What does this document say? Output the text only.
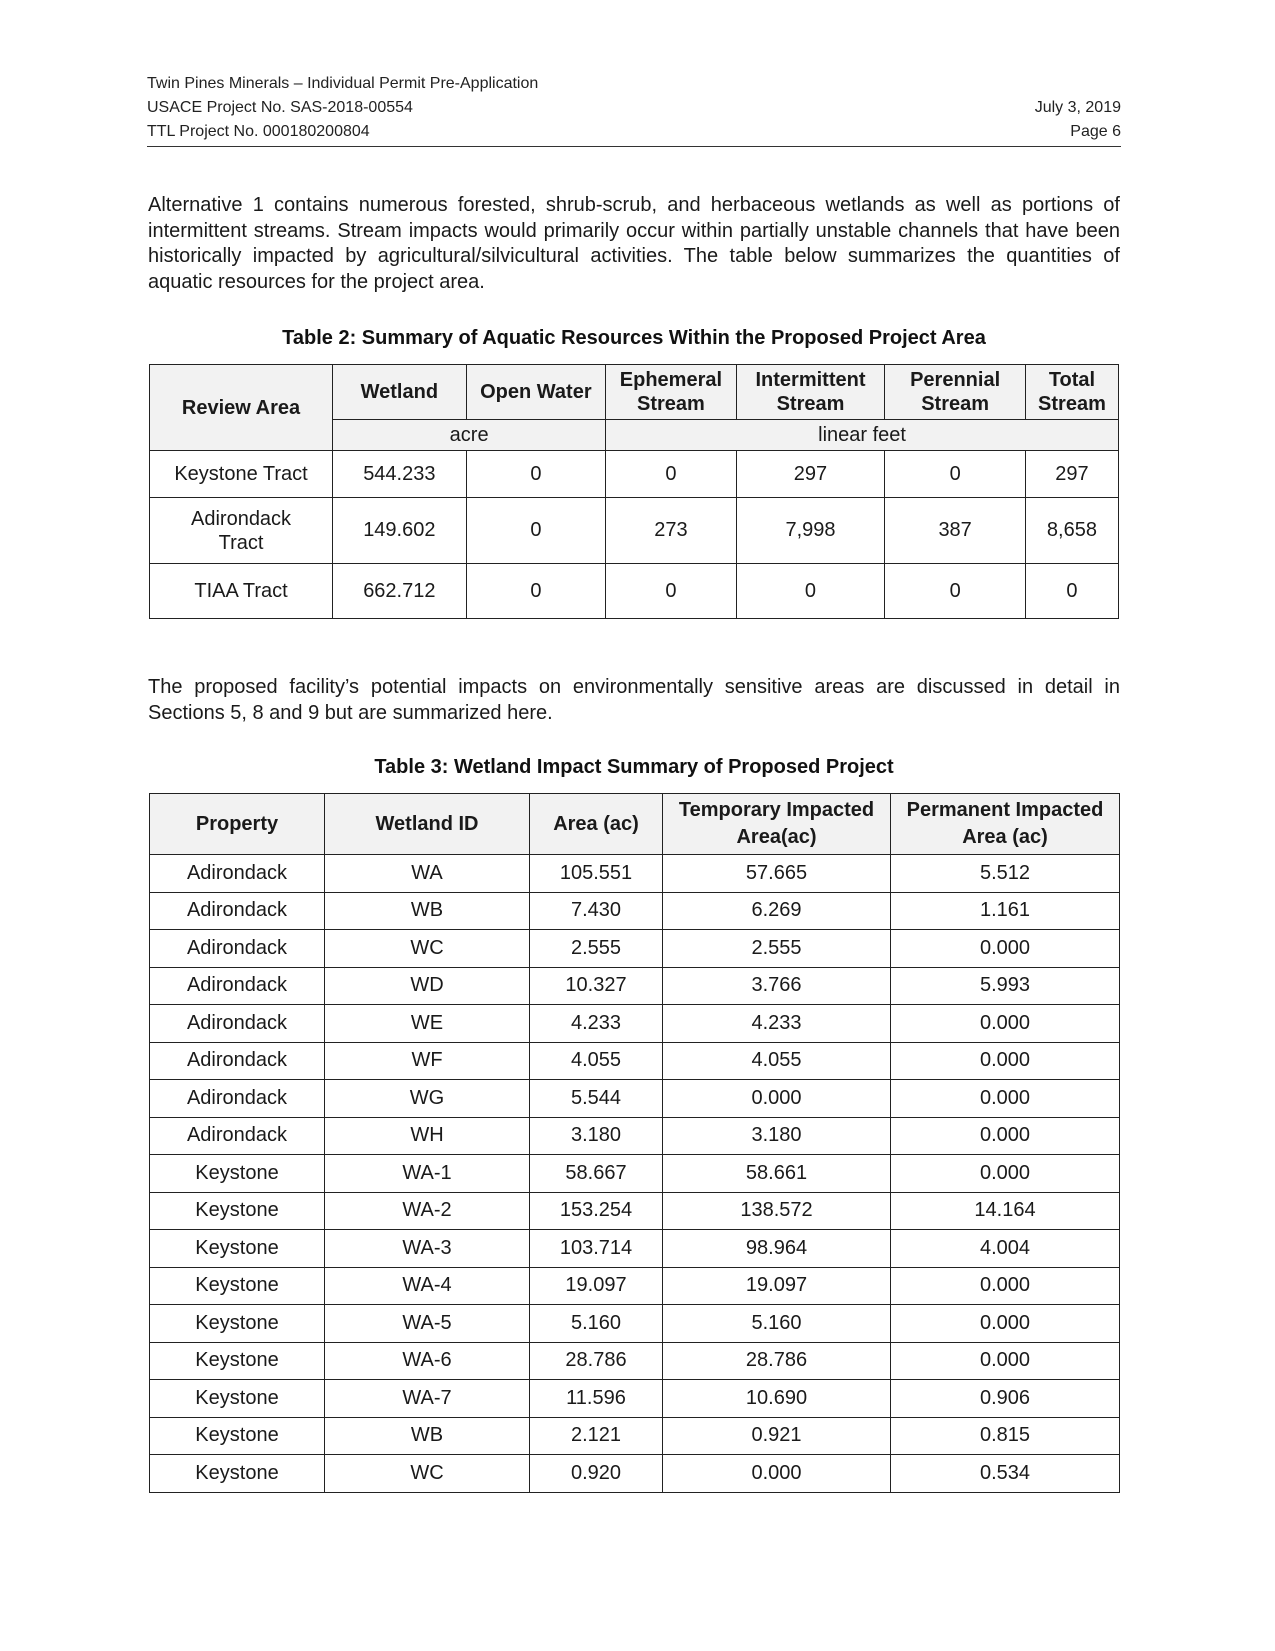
Twin Pines Minerals – Individual Permit Pre-Application
USACE Project No. SAS-2018-00554	July 3, 2019
TTL Project No. 000180200804	Page 6

Alternative 1 contains numerous forested, shrub-scrub, and herbaceous wetlands as well as portions of intermittent streams. Stream impacts would primarily occur within partially unstable channels that have been historically impacted by agricultural/silvicultural activities. The table below summarizes the quantities of aquatic resources for the project area.

Table 2: Summary of Aquatic Resources Within the Proposed Project Area
Review Area	Wetland	Open Water	Ephemeral Stream	Intermittent Stream	Perennial Stream	Total Stream
	acre		linear feet			
Keystone Tract	544.233	0	0	297	0	297
Adirondack Tract	149.602	0	273	7,998	387	8,658
TIAA Tract	662.712	0	0	0	0	0

The proposed facility’s potential impacts on environmentally sensitive areas are discussed in detail in Sections 5, 8 and 9 but are summarized here.

Table 3: Wetland Impact Summary of Proposed Project
Property	Wetland ID	Area (ac)	Temporary Impacted Area(ac)	Permanent Impacted Area (ac)
Adirondack	WA	105.551	57.665	5.512
Adirondack	WB	7.430	6.269	1.161
Adirondack	WC	2.555	2.555	0.000
Adirondack	WD	10.327	3.766	5.993
Adirondack	WE	4.233	4.233	0.000
Adirondack	WF	4.055	4.055	0.000
Adirondack	WG	5.544	0.000	0.000
Adirondack	WH	3.180	3.180	0.000
Keystone	WA-1	58.667	58.661	0.000
Keystone	WA-2	153.254	138.572	14.164
Keystone	WA-3	103.714	98.964	4.004
Keystone	WA-4	19.097	19.097	0.000
Keystone	WA-5	5.160	5.160	0.000
Keystone	WA-6	28.786	28.786	0.000
Keystone	WA-7	11.596	10.690	0.906
Keystone	WB	2.121	0.921	0.815
Keystone	WC	0.920	0.000	0.534
